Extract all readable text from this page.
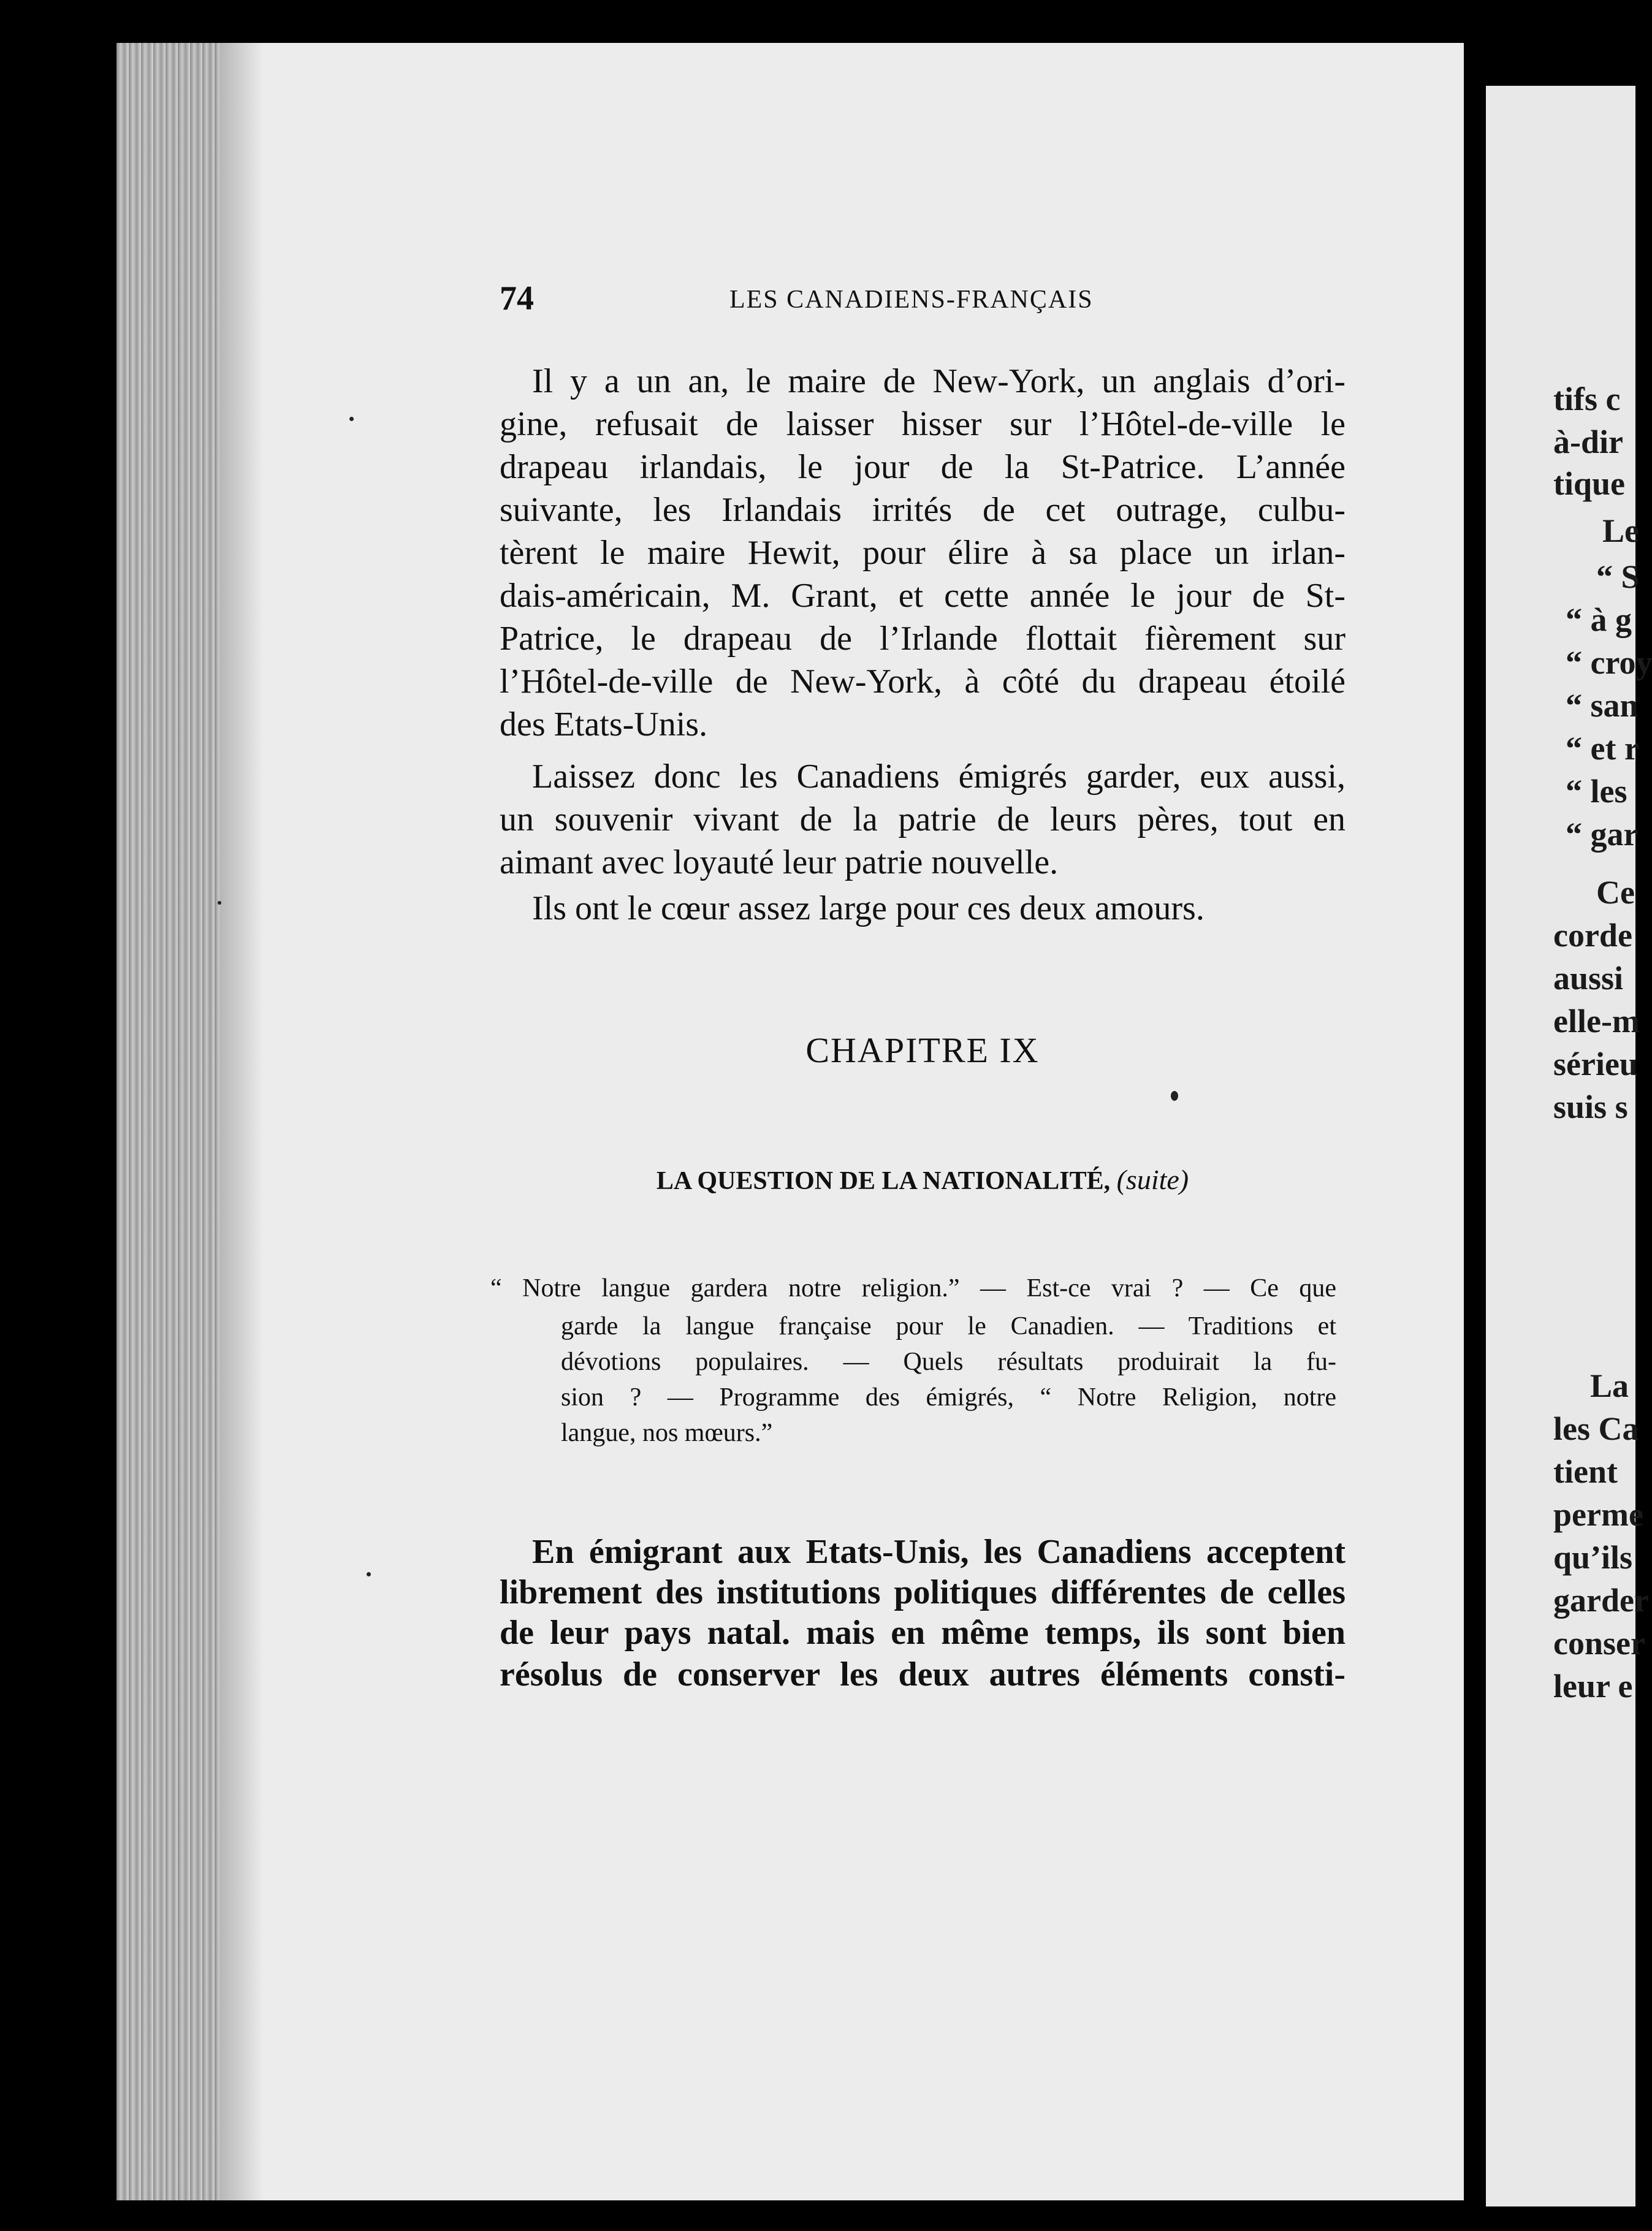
74	LES CANADIENS-FRANÇAIS
Il y a un an, le maire de New-York, un anglais d’ori-
gine, refusait de laisser hisser sur l’Hôtel-de-ville le
drapeau irlandais, le jour de la St-Patrice. L’année
suivante, les Irlandais irrités de cet outrage, culbu-
tèrent le maire Hewit, pour élire à sa place un irlan-
dais-américain, M. Grant, et cette année le jour de St-
Patrice, le drapeau de l’Irlande flottait fièrement sur
l’Hôtel-de-ville de New-York, à côté du drapeau étoilé
des Etats-Unis.
Laissez donc les Canadiens émigrés garder, eux aussi,
un souvenir vivant de la patrie de leurs pères, tout en
aimant avec loyauté leur patrie nouvelle.
Ils ont le cœur assez large pour ces deux amours.
CHAPITRE IX
LA QUESTION DE LA NATIONALITÉ, (suite)
“ Notre langue gardera notre religion.” — Est-ce vrai ? — Ce que
garde la langue française pour le Canadien. — Traditions et
dévotions populaires. — Quels résultats produirait la fu-
sion ? — Programme des émigrés, “ Notre Religion, notre
langue, nos mœurs.”
En émigrant aux Etats-Unis, les Canadiens acceptent
librement des institutions politiques différentes de celles
de leur pays natal. mais en même temps, ils sont bien
résolus de conserver les deux autres éléments consti-
tifs c
à-dir
tique
Le
“ S
“ à g
“ croy
“ san
“ et r
“ les
“ gar
Ce
corde
aussi
elle-m
sérieu
suis s
La
les Ca
tient
perme
qu’ils
garder
conser
leur e
